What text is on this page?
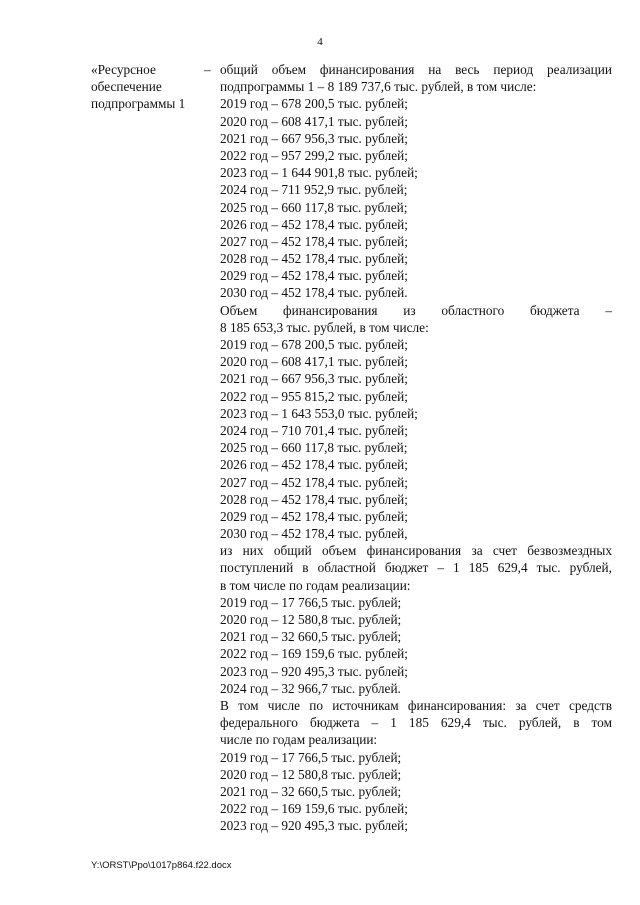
4
«Ресурсное
обеспечение
подпрограммы 1
– общий объем финансирования на весь период реализации
подпрограммы 1 – 8 189 737,6 тыс. рублей, в том числе:
2019 год – 678 200,5 тыс. рублей;
2020 год – 608 417,1 тыс. рублей;
2021 год – 667 956,3 тыс. рублей;
2022 год – 957 299,2 тыс. рублей;
2023 год – 1 644 901,8 тыс. рублей;
2024 год – 711 952,9 тыс. рублей;
2025 год – 660 117,8 тыс. рублей;
2026 год – 452 178,4 тыс. рублей;
2027 год – 452 178,4 тыс. рублей;
2028 год – 452 178,4 тыс. рублей;
2029 год – 452 178,4 тыс. рублей;
2030 год – 452 178,4 тыс. рублей.
Объем финансирования из областного бюджета –
8 185 653,3 тыс. рублей, в том числе:
2019 год – 678 200,5 тыс. рублей;
2020 год – 608 417,1 тыс. рублей;
2021 год – 667 956,3 тыс. рублей;
2022 год – 955 815,2 тыс. рублей;
2023 год – 1 643 553,0 тыс. рублей;
2024 год – 710 701,4 тыс. рублей;
2025 год – 660 117,8 тыс. рублей;
2026 год – 452 178,4 тыс. рублей;
2027 год – 452 178,4 тыс. рублей;
2028 год – 452 178,4 тыс. рублей;
2029 год – 452 178,4 тыс. рублей;
2030 год – 452 178,4 тыс. рублей,
из них общий объем финансирования за счет безвозмездных
поступлений в областной бюджет – 1 185 629,4 тыс. рублей,
в том числе по годам реализации:
2019 год – 17 766,5 тыс. рублей;
2020 год – 12 580,8 тыс. рублей;
2021 год – 32 660,5 тыс. рублей;
2022 год – 169 159,6 тыс. рублей;
2023 год – 920 495,3 тыс. рублей;
2024 год – 32 966,7 тыс. рублей.
В том числе по источникам финансирования: за счет средств
федерального бюджета – 1 185 629,4 тыс. рублей, в том
числе по годам реализации:
2019 год – 17 766,5 тыс. рублей;
2020 год – 12 580,8 тыс. рублей;
2021 год – 32 660,5 тыс. рублей;
2022 год – 169 159,6 тыс. рублей;
2023 год – 920 495,3 тыс. рублей;
Y:\ORST\Ppo\1017p864.f22.docx
